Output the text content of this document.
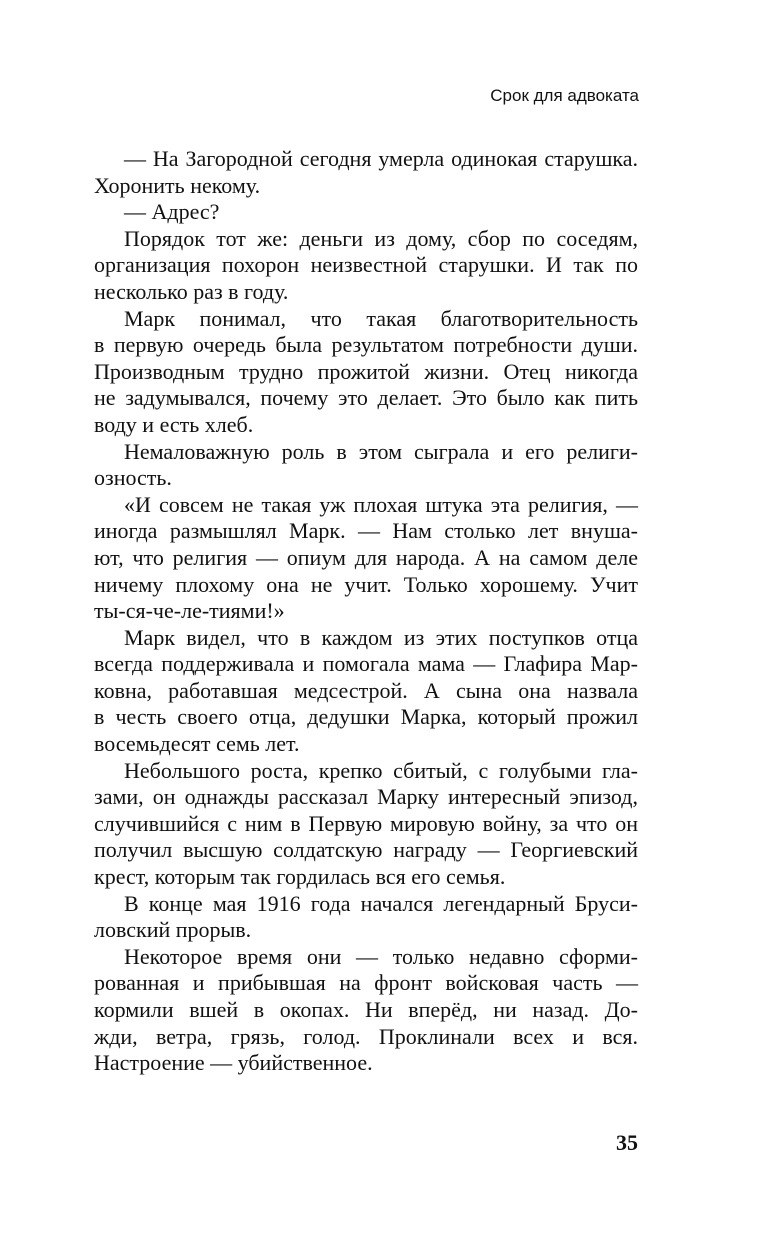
Срок для адвоката

— На Загородной сегодня умерла одинокая старушка.
Хоронить некому.

— Адрес?

Порядок тот же: деньги из дому, сбор по соседям,
организация похорон неизвестной старушки. И так по
несколько раз в году.

Марк понимал, что такая благотворительность
в первую очередь была результатом потребности души.
Производным трудно прожитой жизни. Отец никогда
не задумывался, почему это делает. Это было как пить
воду и есть хлеб.

Немаловажную роль в этом сыграла и его религи-
озность.

«И совсем не такая уж плохая штука эта религия, —
иногда размышлял Марк. — Нам столько лет внуша-
ют, что религия — опиум для народа. А на самом деле
ничему плохому она не учит. Только хорошему. Учит
ты-ся-че-ле-тиями!»

Марк видел, что в каждом из этих поступков отца
всегда поддерживала и помогала мама — Глафира Мар-
ковна, работавшая медсестрой. А сына она назвала
в честь своего отца, дедушки Марка, который прожил
восемьдесят семь лет.

Небольшого роста, крепко сбитый, с голубыми гла-
зами, он однажды рассказал Марку интересный эпизод,
случившийся с ним в Первую мировую войну, за что он
получил высшую солдатскую награду — Георгиевский
крест, которым так гордилась вся его семья.

В конце мая 1916 года начался легендарный Бруси-
ловский прорыв.

Некоторое время они — только недавно сформи-
рованная и прибывшая на фронт войсковая часть —
кормили вшей в окопах. Ни вперёд, ни назад. До-
жди, ветра, грязь, голод. Проклинали всех и вся.
Настроение — убийственное.

35
